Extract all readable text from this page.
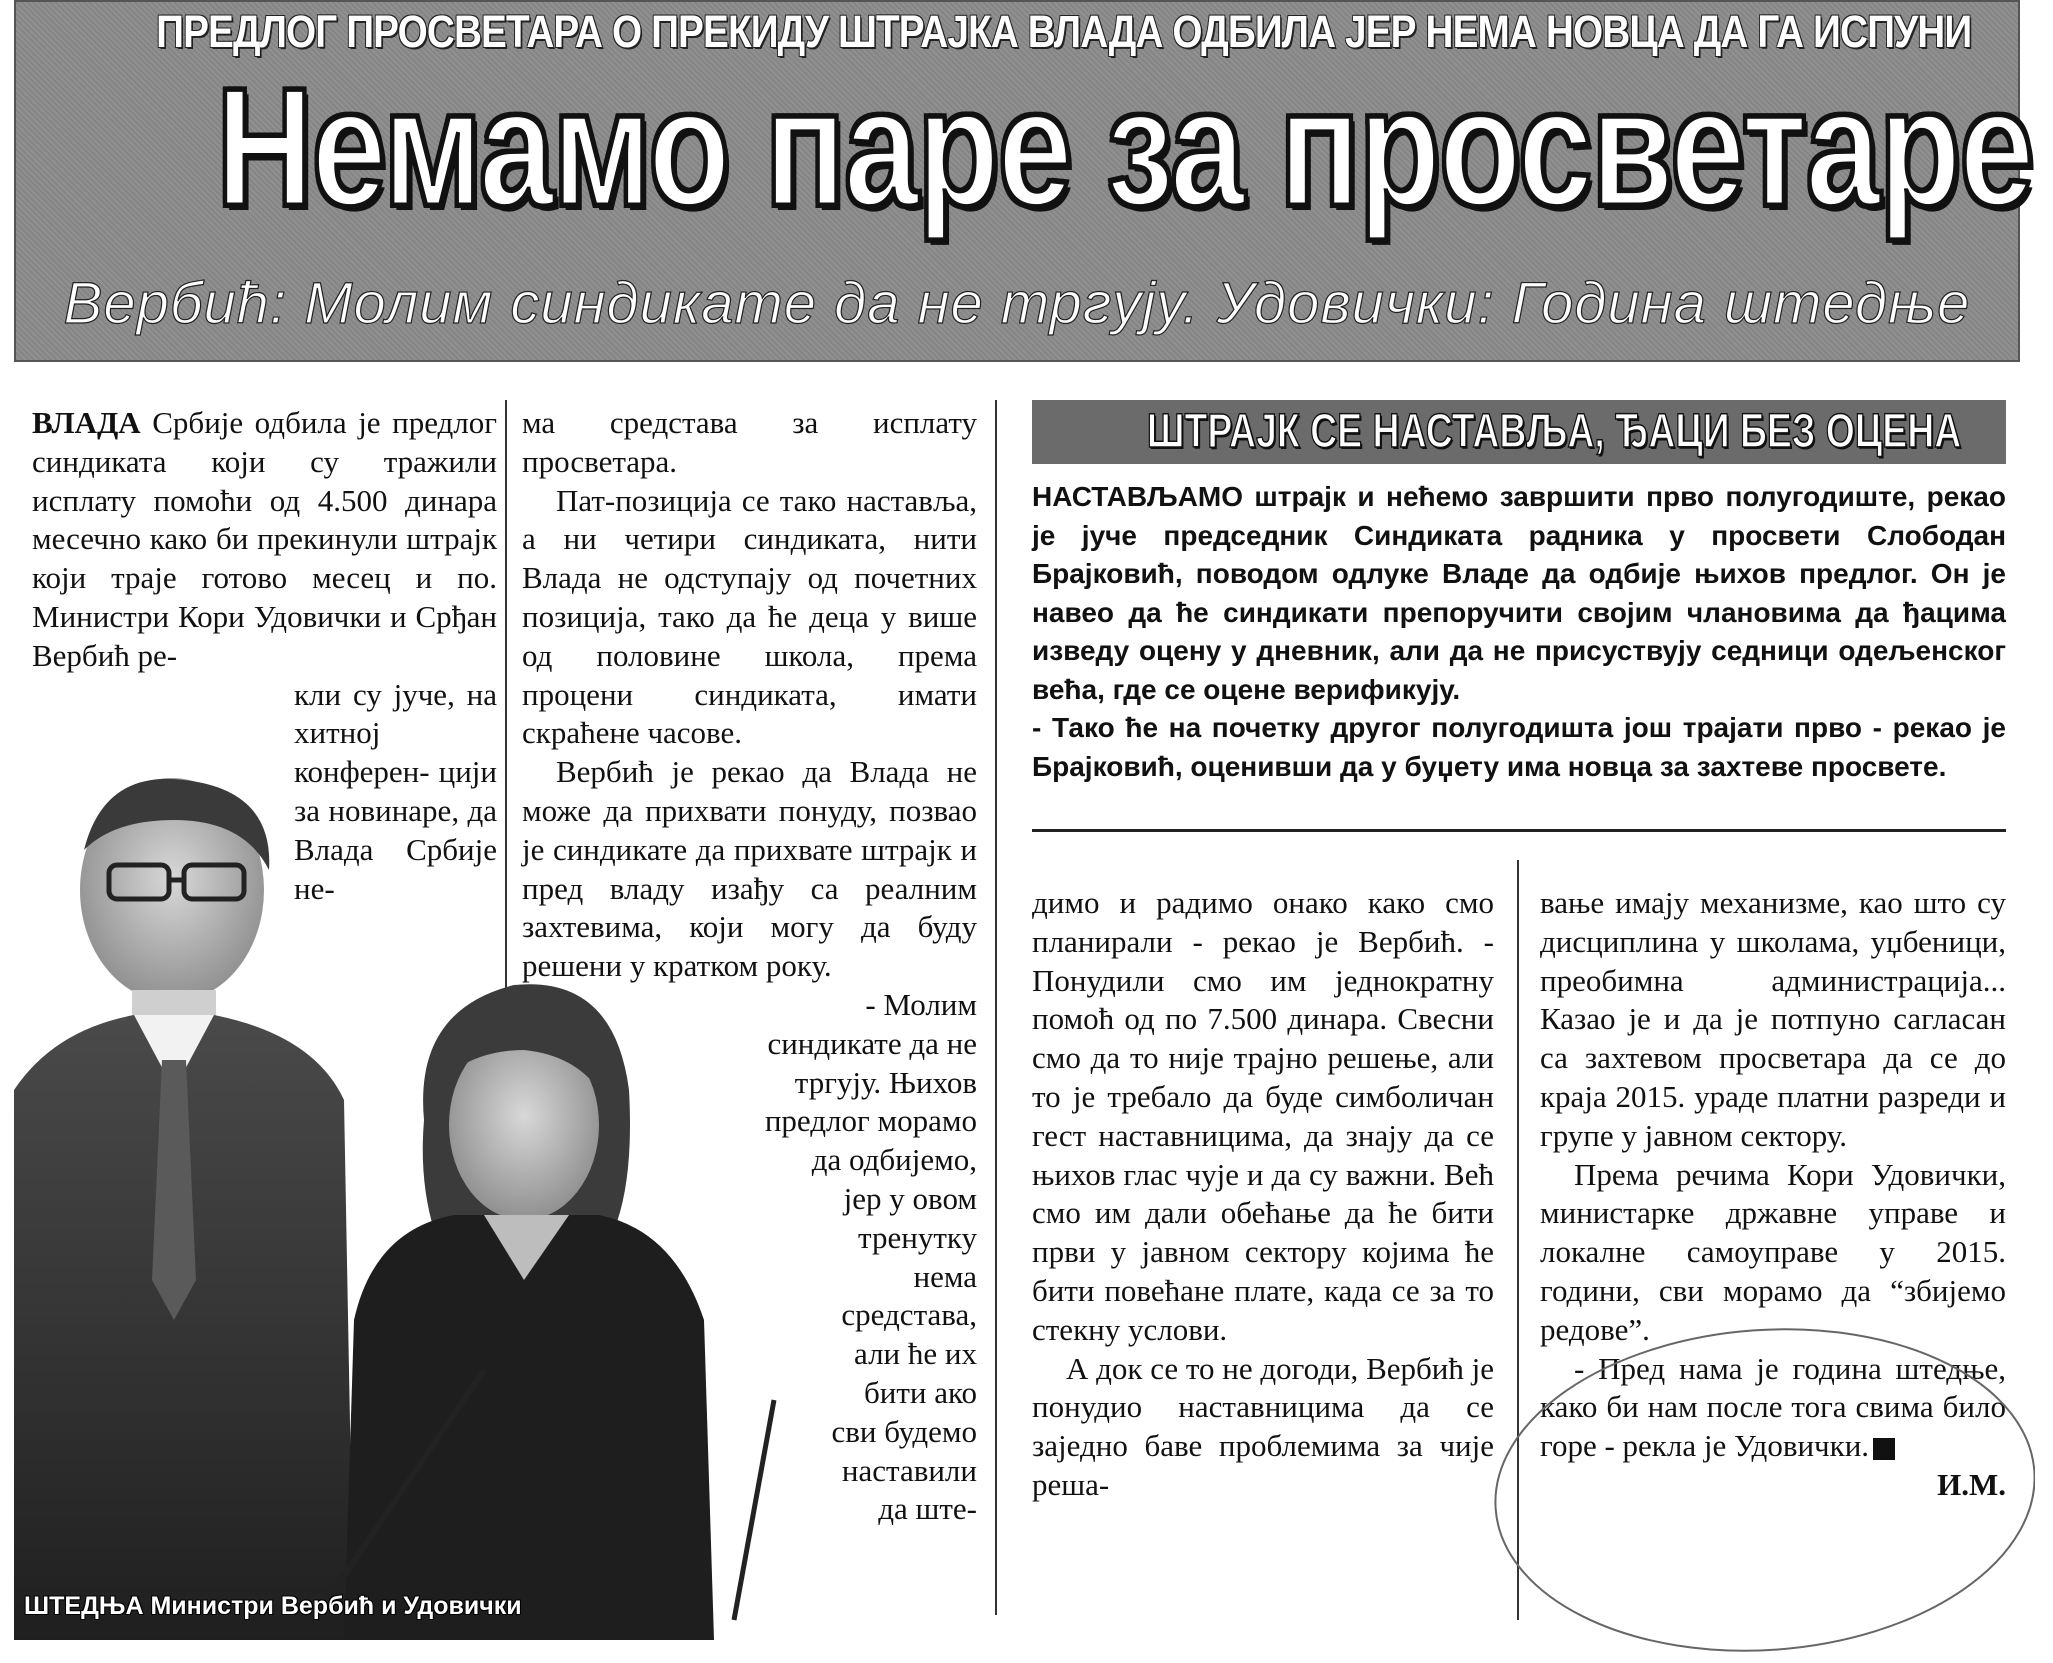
ПРЕДЛОГ ПРОСВЕТАРА О ПРЕКИДУ ШТРАЈКА ВЛАДА ОДБИЛА ЈЕР НЕМА НОВЦА ДА ГА ИСПУНИ
Немамо паре за просветаре
Вербић: Молим синдикате да не тргују. Удовички: Година штедње

ВЛАДА Србије одбила је предлог синдиката који су тражили исплату помоћи од 4.500 динара месечно како би прекинули штрајк који траје готово месец и по. Министри Кори Удовички и Срђан Вербић ре-

кли су јуче, на хитној конферен- цији за новинаре, да Влада Србије не-

ма средстава за исплату просветара.

Пат-позиција се тако наставља, а ни четири синдиката, нити Влада не одступају од почетних позиција, тако да ће деца у више од половине школа, према процени синдиката, имати скраћене часове.

Вербић је рекао да Влада не може да прихвати понуду, позвао је синдикате да прихвате штрајк и пред владу изађу са реалним захтевима, који могу да буду решени у кратком року.

- Молим синдикате да не тргују. Њихов предлог морамо да одбијемо,

јер у овом тренутку нема средстава, али ће их бити ако сви будемо наставили да ште-

ШТЕДЊА Министри Вербић и Удовички
ШТРАЈК СЕ НАСТАВЉА, ЂАЦИ БЕЗ ОЦЕНА

НАСТАВЉАМО штрајк и нећемо завршити прво полугодиште, рекао је јуче председник Синдиката радника у просвети Слободан Брајковић, поводом одлуке Владе да одбије њихов предлог. Он је навео да ће синдикати препоручити својим члановима да ђацима изведу оцену у дневник, али да не присуствују седници одељенског већа, где се оцене верификују.

- Тако ће на почетку другог полугодишта још трајати прво - рекао је Брајковић, оценивши да у буџету има новца за захтеве просвете.

димо и радимо онако како смо планирали - рекао је Вербић. - Понудили смо им једнократну помоћ од по 7.500 динара. Свесни смо да то није трајно решење, али то је требало да буде симболичан гест наставницима, да знају да се њихов глас чује и да су важни. Већ смо им дали обећање да ће бити први у јавном сектору којима ће бити повећане плате, када се за то стекну услови.

А док се то не догоди, Вербић је понудио наставницима да се заједно баве проблемима за чије реша-

вање имају механизме, као што су дисциплина у школама, уџбеници, преобимна администрација... Казао је и да је потпуно сагласан са захтевом просветара да се до краја 2015. ураде платни разреди и групе у јавном сектору.

Према речима Кори Удовички, министарке државне управе и локалне самоуправе у 2015. години, сви морамо да “збијемо редове”.

- Пред нама је година штедње, како би нам после тога свима било горе - рекла је Удовички.

И.М.
